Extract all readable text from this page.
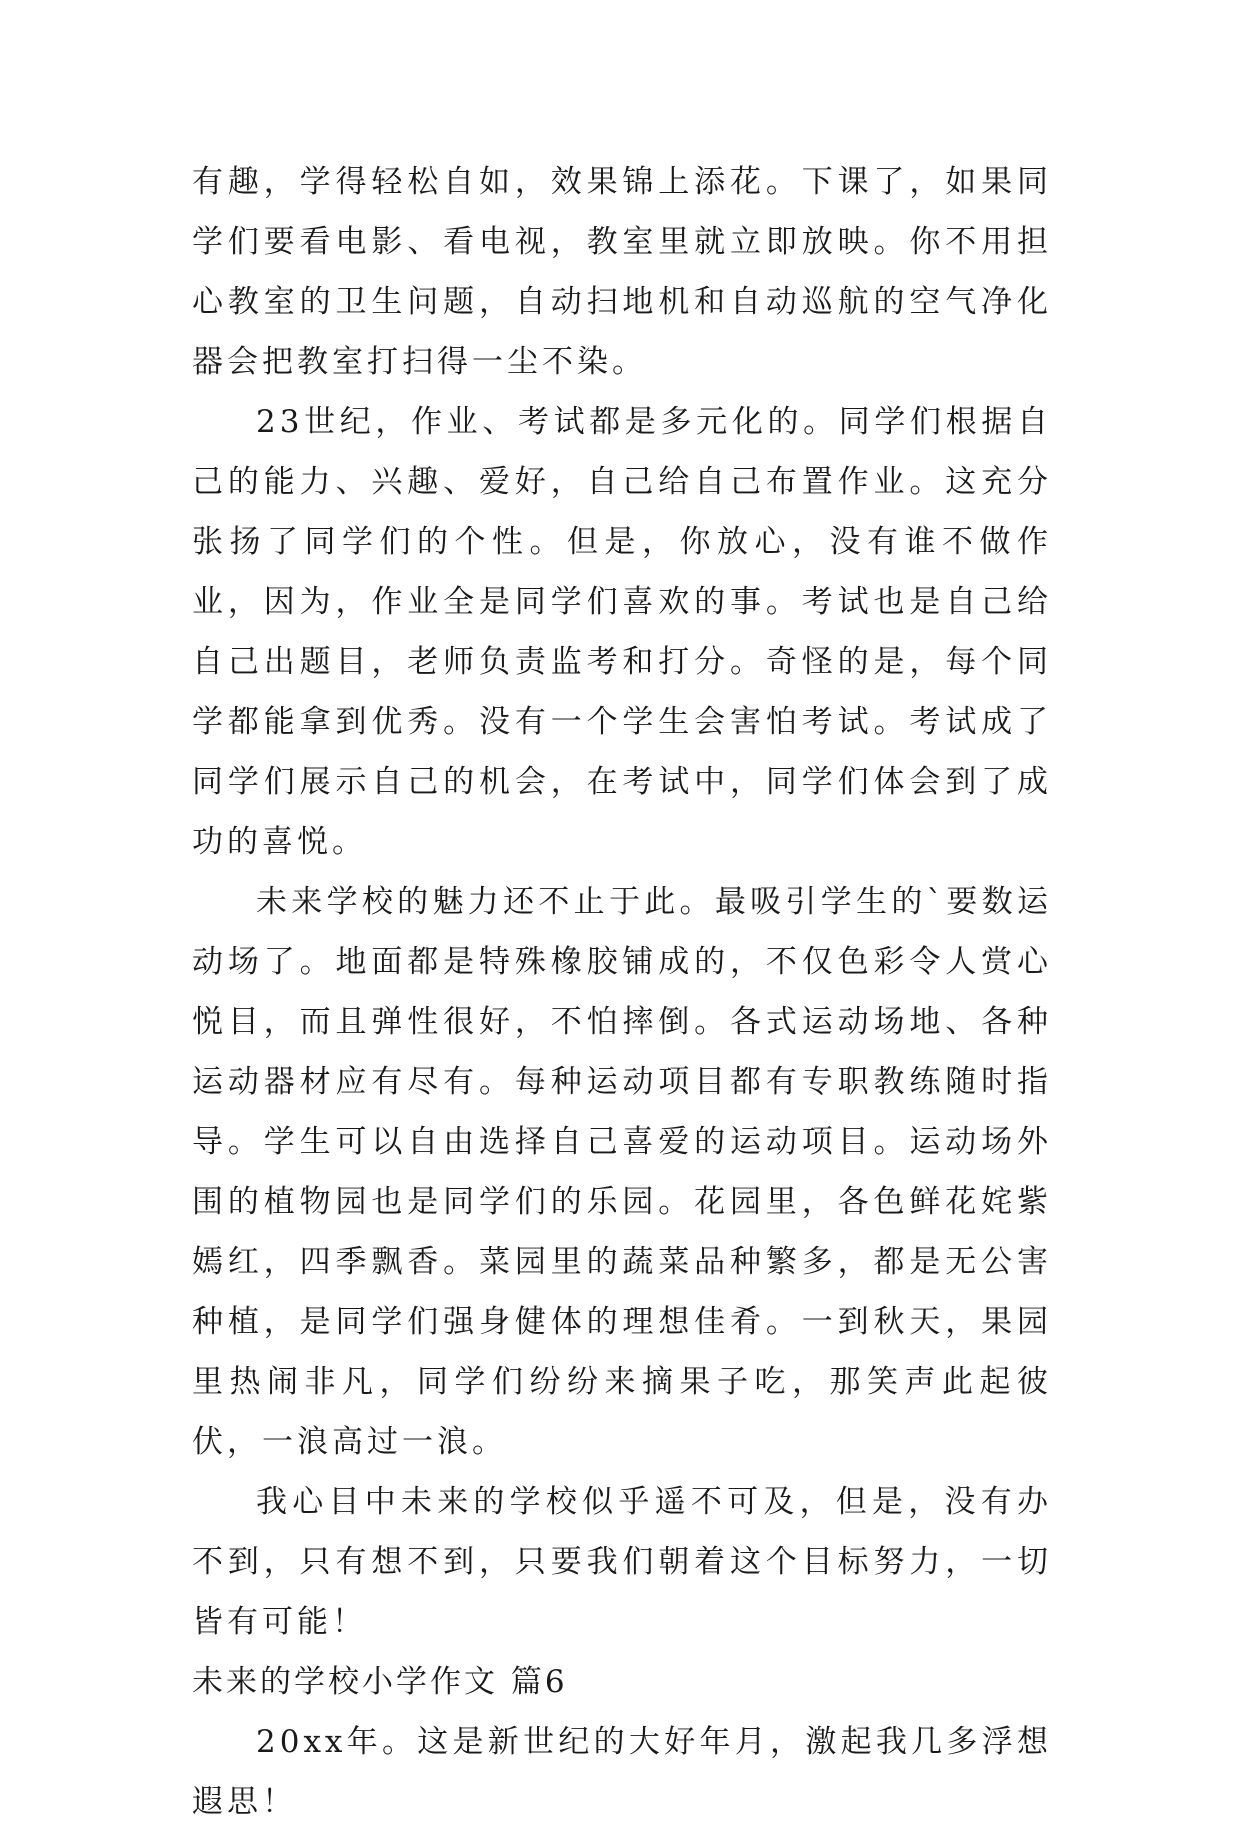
有趣，学得轻松自如，效果锦上添花。下课了，如果同学们要看电影、看电视，教室里就立即放映。你不用担心教室的卫生问题，自动扫地机和自动巡航的空气净化器会把教室打扫得一尘不染。

23世纪，作业、考试都是多元化的。同学们根据自己的能力、兴趣、爱好，自己给自己布置作业。这充分张扬了同学们的个性。但是，你放心，没有谁不做作业，因为，作业全是同学们喜欢的事。考试也是自己给自己出题目，老师负责监考和打分。奇怪的是，每个同学都能拿到优秀。没有一个学生会害怕考试。考试成了同学们展示自己的机会，在考试中，同学们体会到了成功的喜悦。

未来学校的魅力还不止于此。最吸引学生的`要数运动场了。地面都是特殊橡胶铺成的，不仅色彩令人赏心悦目，而且弹性很好，不怕摔倒。各式运动场地、各种运动器材应有尽有。每种运动项目都有专职教练随时指导。学生可以自由选择自己喜爱的运动项目。运动场外围的植物园也是同学们的乐园。花园里，各色鲜花姹紫嫣红，四季飘香。菜园里的蔬菜品种繁多，都是无公害种植，是同学们强身健体的理想佳肴。一到秋天，果园里热闹非凡，同学们纷纷来摘果子吃，那笑声此起彼伏，一浪高过一浪。

我心目中未来的学校似乎遥不可及，但是，没有办不到，只有想不到，只要我们朝着这个目标努力，一切皆有可能！

未来的学校小学作文 篇6

20xx年。这是新世纪的大好年月，激起我几多浮想遐思！
